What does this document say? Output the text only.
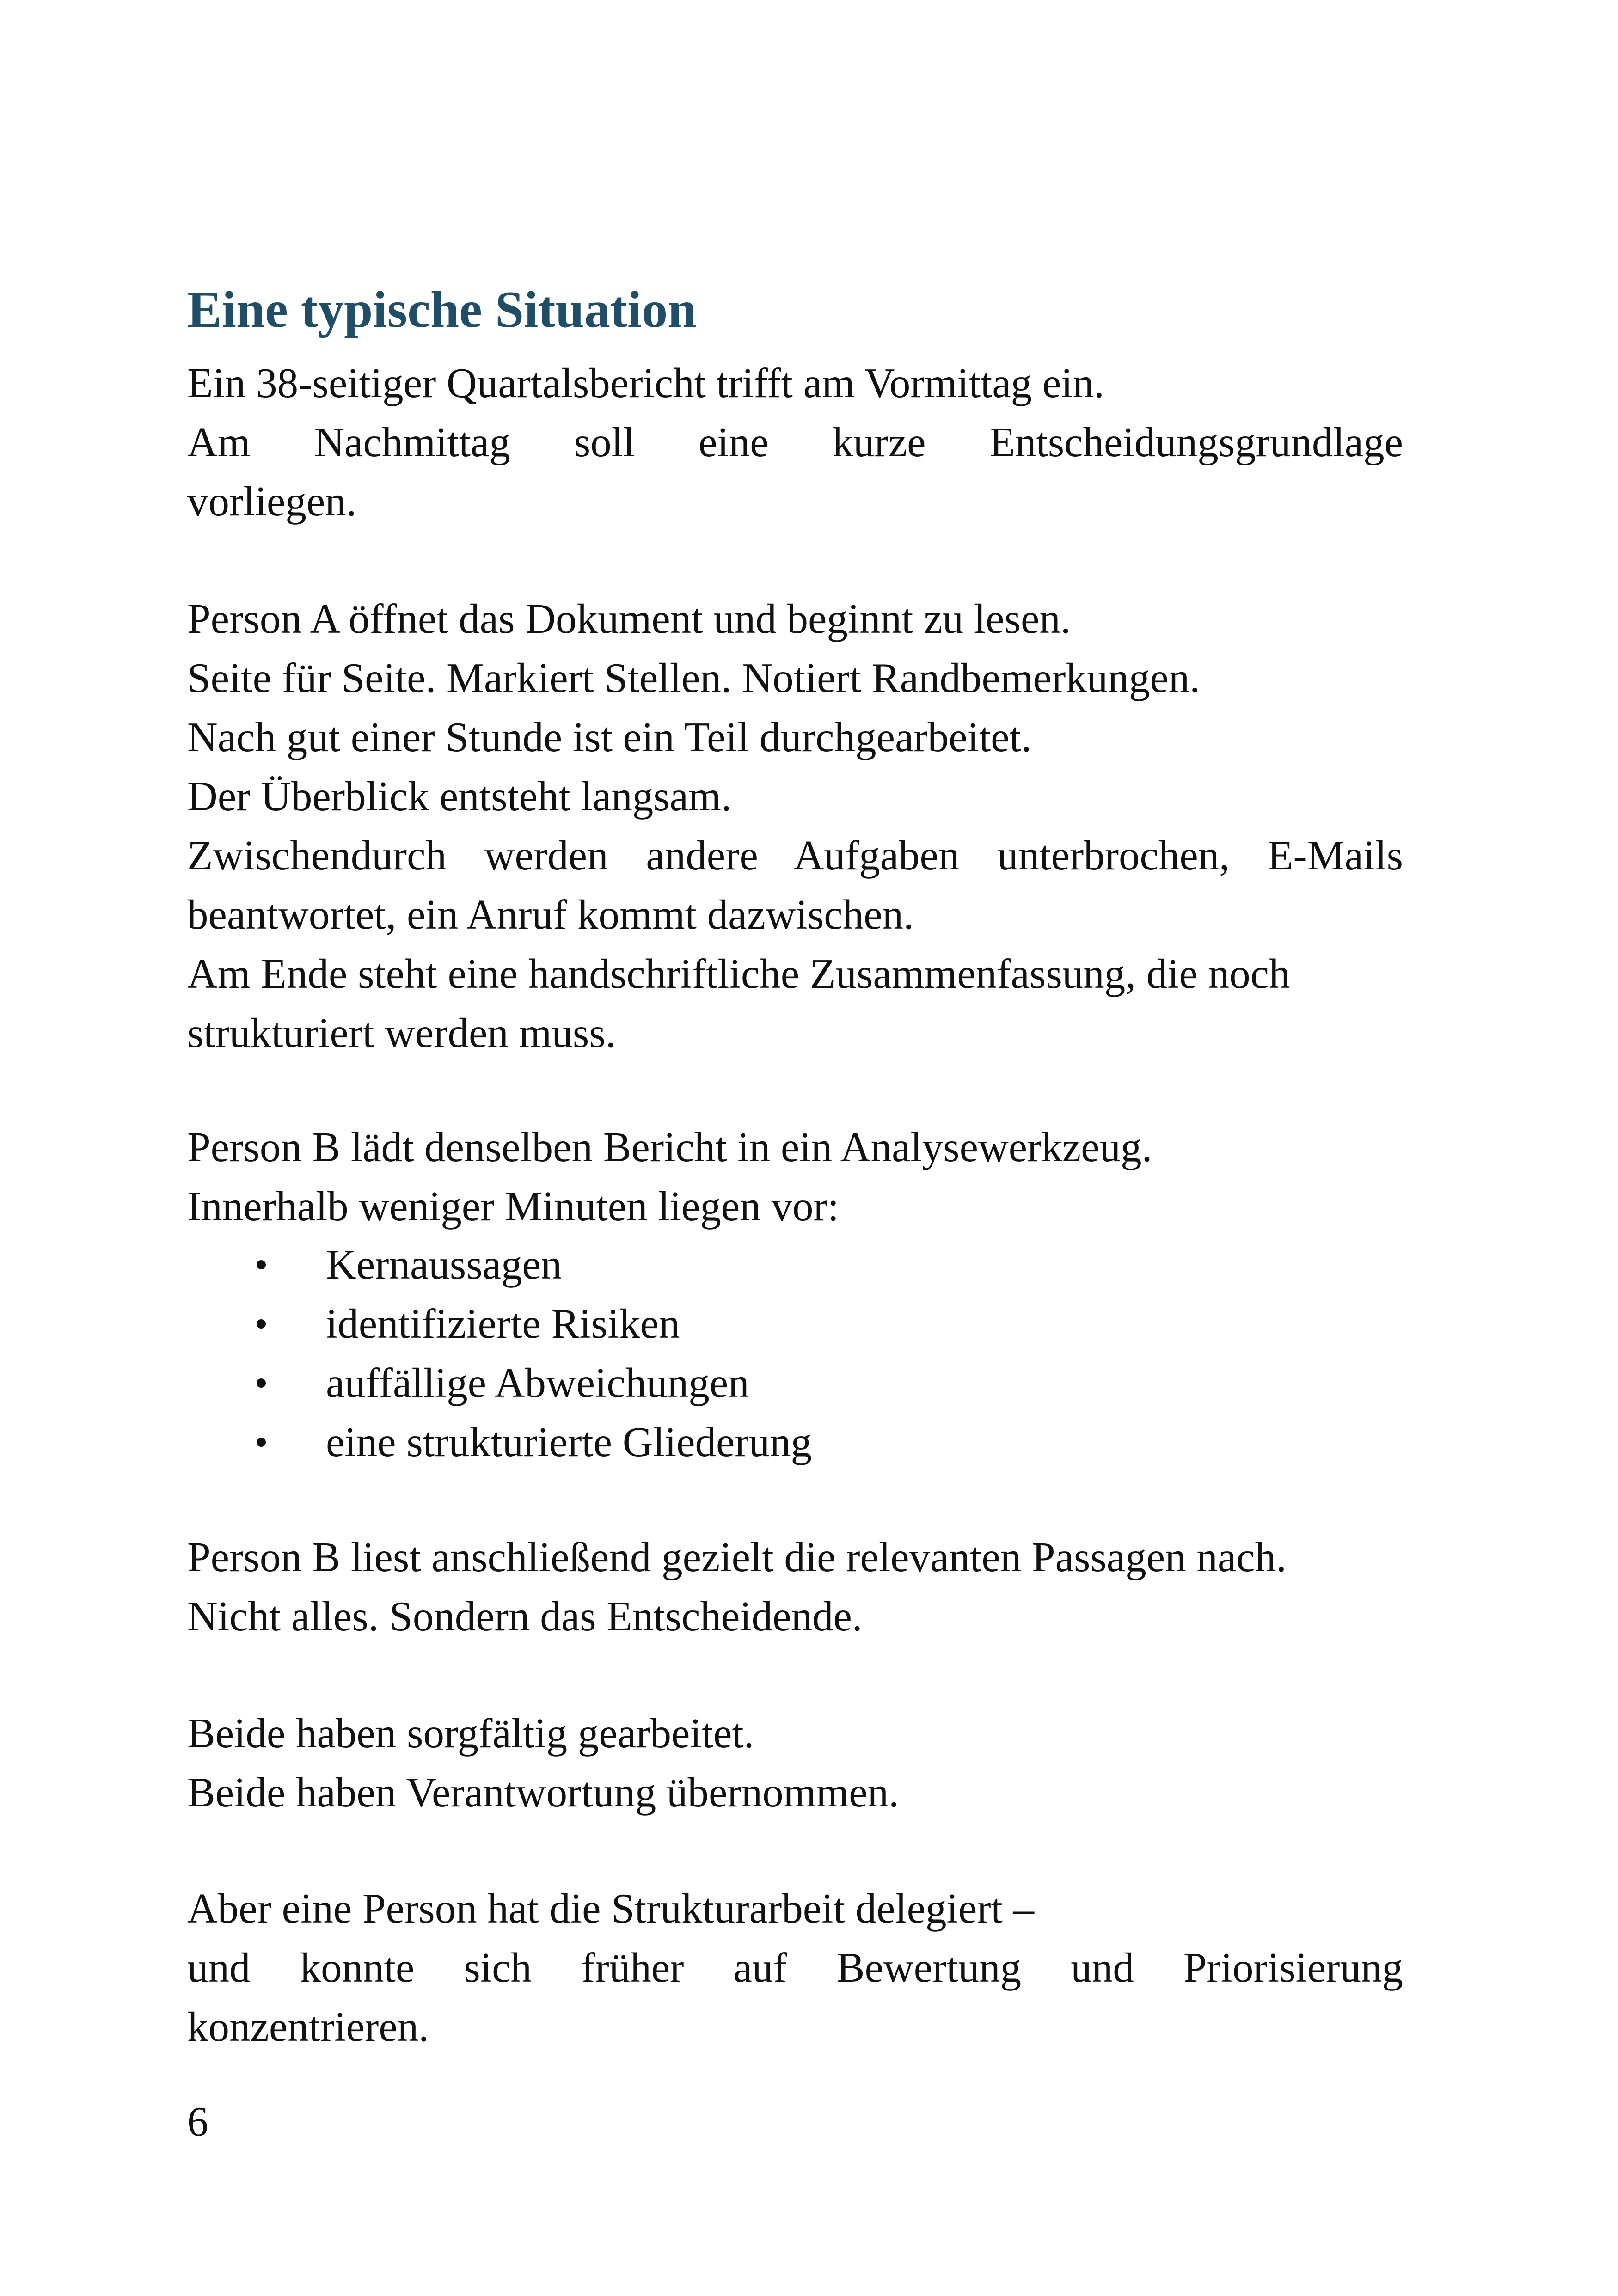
Eine typische Situation
Ein 38-seitiger Quartalsbericht trifft am Vormittag ein.
Am Nachmittag soll eine kurze Entscheidungsgrundlage
vorliegen.
Person A öffnet das Dokument und beginnt zu lesen.
Seite für Seite. Markiert Stellen. Notiert Randbemerkungen.
Nach gut einer Stunde ist ein Teil durchgearbeitet.
Der Überblick entsteht langsam.
Zwischendurch werden andere Aufgaben unterbrochen, E-Mails
beantwortet, ein Anruf kommt dazwischen.
Am Ende steht eine handschriftliche Zusammenfassung, die noch
strukturiert werden muss.
Person B lädt denselben Bericht in ein Analysewerkzeug.
Innerhalb weniger Minuten liegen vor:
Kernaussagen
identifizierte Risiken
auffällige Abweichungen
eine strukturierte Gliederung
Person B liest anschließend gezielt die relevanten Passagen nach.
Nicht alles. Sondern das Entscheidende.
Beide haben sorgfältig gearbeitet.
Beide haben Verantwortung übernommen.
Aber eine Person hat die Strukturarbeit delegiert –
und konnte sich früher auf Bewertung und Priorisierung
konzentrieren.
6
